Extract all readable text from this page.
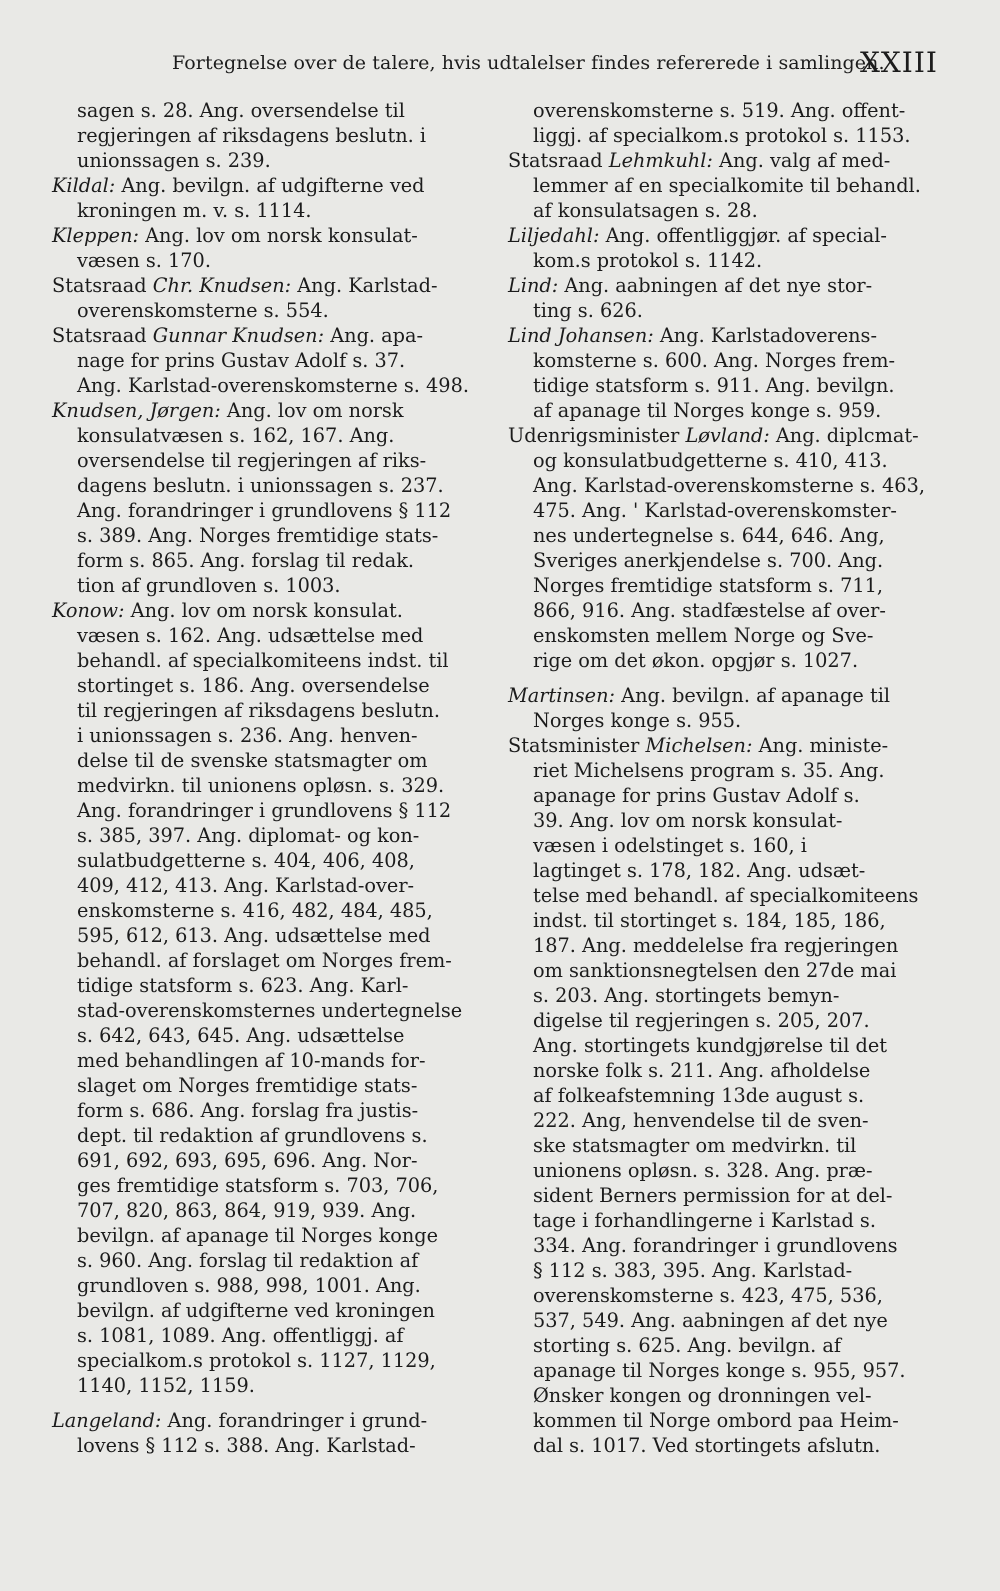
Fortegnelse over de talere, hvis udtalelser findes refererede i samlingen.
XXIII
sagen s. 28. Ang. oversendelse til
regjeringen af riksdagens beslutn. i
unionssagen s. 239.
Kildal: Ang. bevilgn. af udgifterne ved
kroningen m. v. s. 1114.
Kleppen: Ang. lov om norsk konsulat-
væsen s. 170.
Statsraad Chr. Knudsen: Ang. Karlstad-
overenskomsterne s. 554.
Statsraad Gunnar Knudsen: Ang. apa-
nage for prins Gustav Adolf s. 37.
Ang. Karlstad-overenskomsterne s. 498.
Knudsen, Jørgen: Ang. lov om norsk
konsulatvæsen s. 162, 167. Ang.
oversendelse til regjeringen af riks-
dagens beslutn. i unionssagen s. 237.
Ang. forandringer i grundlovens § 112
s. 389. Ang. Norges fremtidige stats-
form s. 865. Ang. forslag til redak.
tion af grundloven s. 1003.
Konow: Ang. lov om norsk konsulat.
væsen s. 162. Ang. udsættelse med
behandl. af specialkomiteens indst. til
stortinget s. 186. Ang. oversendelse
til regjeringen af riksdagens beslutn.
i unionssagen s. 236. Ang. henven-
delse til de svenske statsmagter om
medvirkn. til unionens opløsn. s. 329.
Ang. forandringer i grundlovens § 112
s. 385, 397. Ang. diplomat- og kon-
sulatbudgetterne s. 404, 406, 408,
409, 412, 413. Ang. Karlstad-over-
enskomsterne s. 416, 482, 484, 485,
595, 612, 613. Ang. udsættelse med
behandl. af forslaget om Norges frem-
tidige statsform s. 623. Ang. Karl-
stad-overenskomsternes undertegnelse
s. 642, 643, 645. Ang. udsættelse
med behandlingen af 10-mands for-
slaget om Norges fremtidige stats-
form s. 686. Ang. forslag fra justis-
dept. til redaktion af grundlovens s.
691, 692, 693, 695, 696. Ang. Nor-
ges fremtidige statsform s. 703, 706,
707, 820, 863, 864, 919, 939. Ang.
bevilgn. af apanage til Norges konge
s. 960. Ang. forslag til redaktion af
grundloven s. 988, 998, 1001. Ang.
bevilgn. af udgifterne ved kroningen
s. 1081, 1089. Ang. offentliggj. af
specialkom.s protokol s. 1127, 1129,
1140, 1152, 1159.
Langeland: Ang. forandringer i grund-
lovens § 112 s. 388. Ang. Karlstad-
overenskomsterne s. 519. Ang. offent-
liggj. af specialkom.s protokol s. 1153.
Statsraad Lehmkuhl: Ang. valg af med-
lemmer af en specialkomite til behandl.
af konsulatsagen s. 28.
Liljedahl: Ang. offentliggjør. af special-
kom.s protokol s. 1142.
Lind: Ang. aabningen af det nye stor-
ting s. 626.
Lind Johansen: Ang. Karlstadoverens-
komsterne s. 600. Ang. Norges frem-
tidige statsform s. 911. Ang. bevilgn.
af apanage til Norges konge s. 959.
Udenrigsminister Løvland: Ang. diplcmat-
og konsulatbudgetterne s. 410, 413.
Ang. Karlstad-overenskomsterne s. 463,
475. Ang. ' Karlstad-overenskomster-
nes undertegnelse s. 644, 646. Ang,
Sveriges anerkjendelse s. 700. Ang.
Norges fremtidige statsform s. 711,
866, 916. Ang. stadfæstelse af over-
enskomsten mellem Norge og Sve-
rige om det økon. opgjør s. 1027.
Martinsen: Ang. bevilgn. af apanage til
Norges konge s. 955.
Statsminister Michelsen: Ang. ministe-
riet Michelsens program s. 35. Ang.
apanage for prins Gustav Adolf s.
39. Ang. lov om norsk konsulat-
væsen i odelstinget s. 160, i
lagtinget s. 178, 182. Ang. udsæt-
telse med behandl. af specialkomiteens
indst. til stortinget s. 184, 185, 186,
187. Ang. meddelelse fra regjeringen
om sanktionsnegtelsen den 27de mai
s. 203. Ang. stortingets bemyn-
digelse til regjeringen s. 205, 207.
Ang. stortingets kundgjørelse til det
norske folk s. 211. Ang. afholdelse
af folkeafstemning 13de august s.
222. Ang, henvendelse til de sven-
ske statsmagter om medvirkn. til
unionens opløsn. s. 328. Ang. præ-
sident Berners permission for at del-
tage i forhandlingerne i Karlstad s.
334. Ang. forandringer i grundlovens
§ 112 s. 383, 395. Ang. Karlstad-
overenskomsterne s. 423, 475, 536,
537, 549. Ang. aabningen af det nye
storting s. 625. Ang. bevilgn. af
apanage til Norges konge s. 955, 957.
Ønsker kongen og dronningen vel-
kommen til Norge ombord paa Heim-
dal s. 1017. Ved stortingets afslutn.
